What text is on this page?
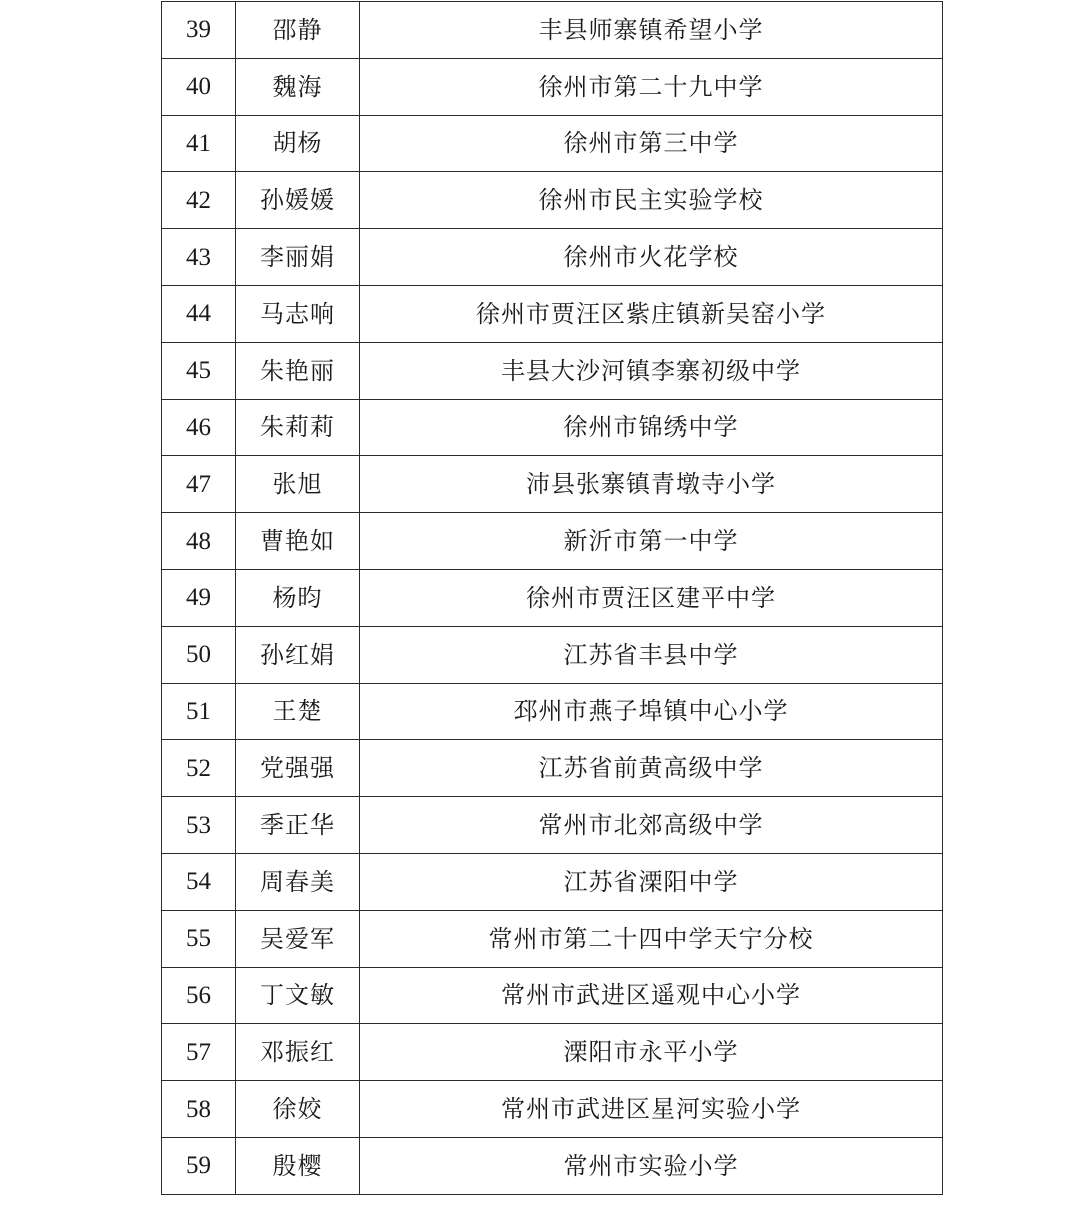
39	邵静	丰县师寨镇希望小学
40	魏海	徐州市第二十九中学
41	胡杨	徐州市第三中学
42	孙媛媛	徐州市民主实验学校
43	李丽娟	徐州市火花学校
44	马志响	徐州市贾汪区紫庄镇新吴窑小学
45	朱艳丽	丰县大沙河镇李寨初级中学
46	朱莉莉	徐州市锦绣中学
47	张旭	沛县张寨镇青墩寺小学
48	曹艳如	新沂市第一中学
49	杨昀	徐州市贾汪区建平中学
50	孙红娟	江苏省丰县中学
51	王楚	邳州市燕子埠镇中心小学
52	党强强	江苏省前黄高级中学
53	季正华	常州市北郊高级中学
54	周春美	江苏省溧阳中学
55	吴爱军	常州市第二十四中学天宁分校
56	丁文敏	常州市武进区遥观中心小学
57	邓振红	溧阳市永平小学
58	徐姣	常州市武进区星河实验小学
59	殷樱	常州市实验小学
